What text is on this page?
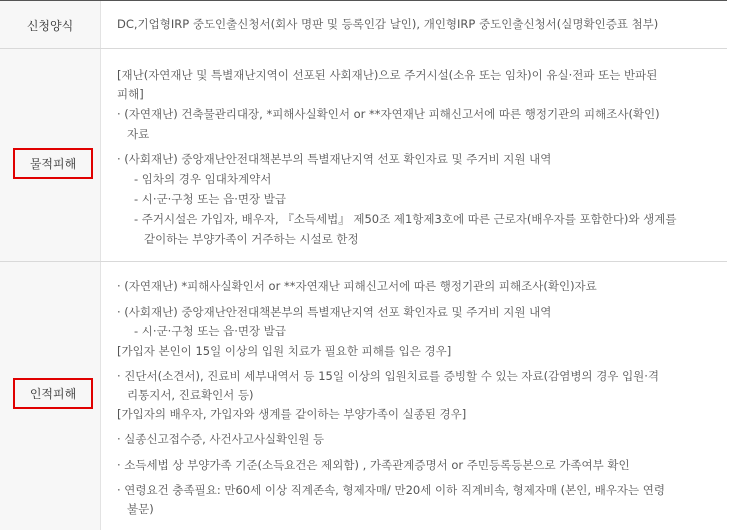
신청양식	DC,기업형IRP 중도인출신청서(회사 명판 및 등록인감 날인), 개인형IRP 중도인출신청서(실명확인증표 첨부)
물적피해
[재난(자연재난 및 특별재난지역이 선포된 사회재난)으로 주거시설(소유 또는 임차)이 유실·전파 또는 반파된
피해]
· (자연재난) 건축물관리대장, *피해사실확인서 or **자연재난 피해신고서에 따른 행정기관의 피해조사(확인)
자료
· (사회재난) 중앙재난안전대책본부의 특별재난지역 선포 확인자료 및 주거비 지원 내역
- 임차의 경우 임대차계약서
- 시·군·구청 또는 읍·면장 발급
- 주거시설은 가입자, 배우자, 『소득세법』 제50조 제1항제3호에 따른 근로자(배우자를 포함한다)와 생계를
같이하는 부양가족이 거주하는 시설로 한정
인적피해
· (자연재난) *피해사실확인서 or **자연재난 피해신고서에 따른 행정기관의 피해조사(확인)자료
· (사회재난) 중앙재난안전대책본부의 특별재난지역 선포 확인자료 및 주거비 지원 내역
- 시·군·구청 또는 읍·면장 발급
[가입자 본인이 15일 이상의 입원 치료가 필요한 피해를 입은 경우]
· 진단서(소견서), 진료비 세부내역서 등 15일 이상의 입원치료를 증빙할 수 있는 자료(감염병의 경우 입원·격
리통지서, 진료확인서 등)
[가입자의 배우자, 가입자와 생계를 같이하는 부양가족이 실종된 경우]
· 실종신고접수증, 사건사고사실확인원 등
· 소득세법 상 부양가족 기준(소득요건은 제외함) , 가족관계증명서 or 주민등록등본으로 가족여부 확인
· 연령요건 충족필요: 만60세 이상 직계존속, 형제자매/ 만20세 이하 직계비속, 형제자매 (본인, 배우자는 연령
불문)
